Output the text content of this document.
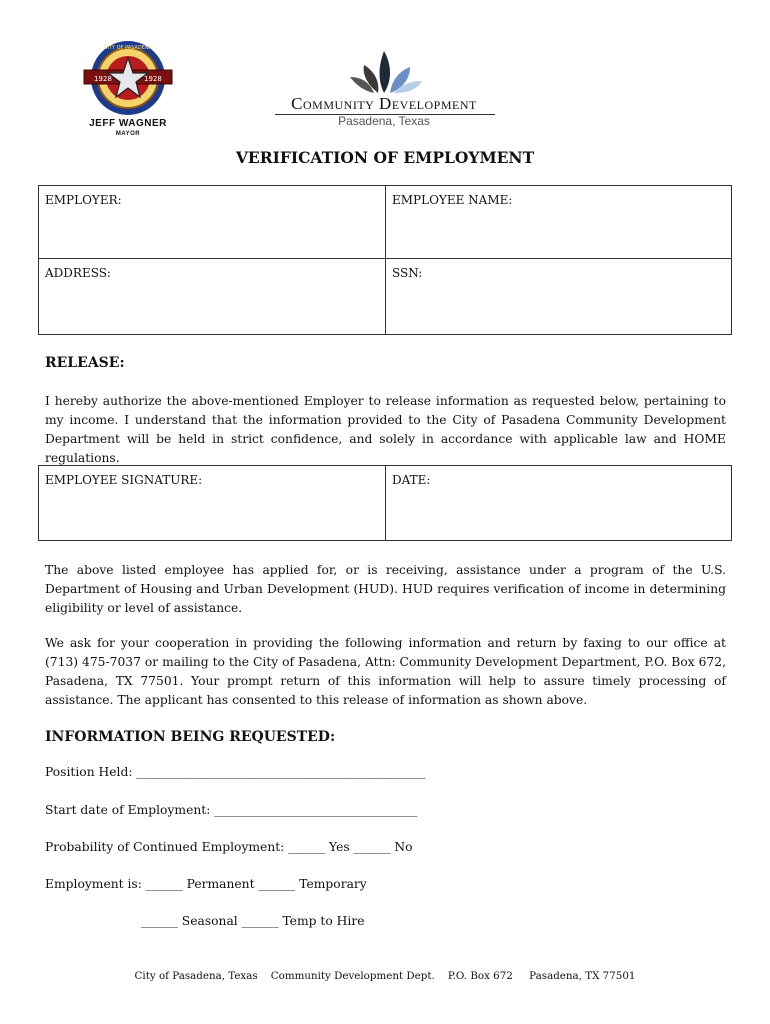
1928	1928
CITY OF PASADENA
JEFF WAGNER
MAYOR
Community Development
Pasadena, Texas
VERIFICATION OF EMPLOYMENT
EMPLOYER:	EMPLOYEE NAME:
ADDRESS:	SSN:
RELEASE:
I hereby authorize the above-mentioned Employer to release information as requested below, pertaining to my income. I understand that the information provided to the City of Pasadena Community Development Department will be held in strict confidence, and solely in accordance with applicable law and HOME regulations.
EMPLOYEE SIGNATURE:	DATE:
The above listed employee has applied for, or is receiving, assistance under a program of the U.S. Department of Housing and Urban Development (HUD). HUD requires verification of income in determining eligibility or level of assistance.
We ask for your cooperation in providing the following information and return by faxing to our office at (713) 475-7037 or mailing to the City of Pasadena, Attn: Community Development Department, P.O. Box 672, Pasadena, TX 77501. Your prompt return of this information will help to assure timely processing of assistance. The applicant has consented to this release of information as shown above.
INFORMATION BEING REQUESTED:
Position Held: _______________________________________________
Start date of Employment: _________________________________
Probability of Continued Employment: ______ Yes ______ No
Employment is: ______ Permanent ______ Temporary
______ Seasonal ______ Temp to Hire
City of Pasadena, Texas    Community Development Dept.    P.O. Box 672     Pasadena, TX 77501
